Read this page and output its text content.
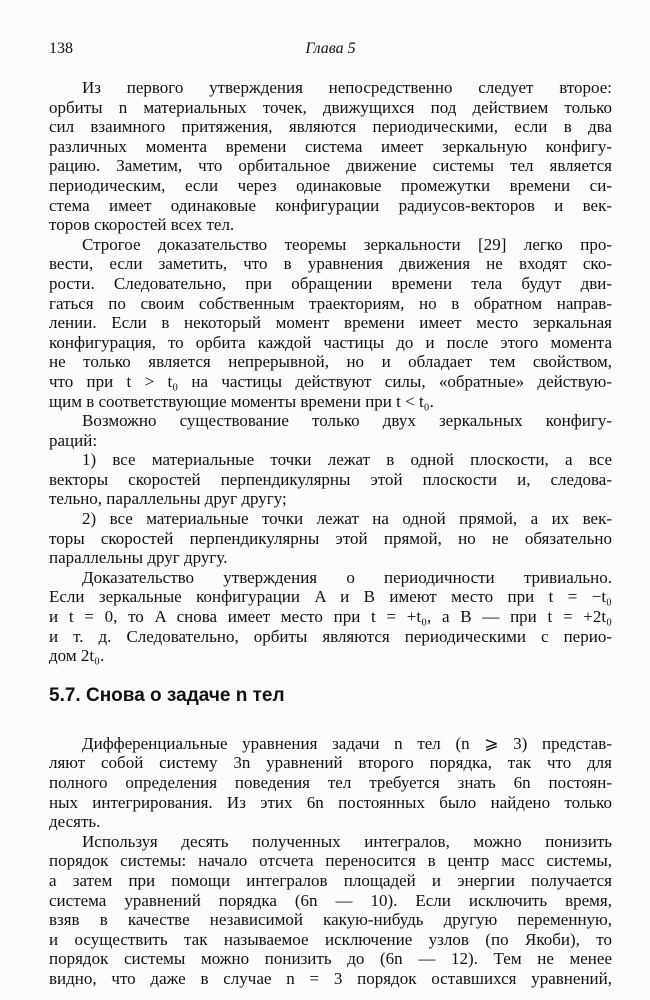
138	Глава 5
Из первого утверждения непосредственно следует второе:
орбиты n материальных точек, движущихся под действием только
сил взаимного притяжения, являются периодическими, если в два
различных момента времени система имеет зеркальную конфигу-
рацию. Заметим, что орбитальное движение системы тел является
периодическим, если через одинаковые промежутки времени си-
стема имеет одинаковые конфигурации радиусов-векторов и век-
торов скоростей всех тел.
Строгое доказательство теоремы зеркальности [29] легко про-
вести, если заметить, что в уравнения движения не входят ско-
рости. Следовательно, при обращении времени тела будут дви-
гаться по своим собственным траекториям, но в обратном направ-
лении. Если в некоторый момент времени имеет место зеркальная
конфигурация, то орбита каждой частицы до и после этого момента
не только является непрерывной, но и обладает тем свойством,
что при t > t₀ на частицы действуют силы, «обратные» действую-
щим в соответствующие моменты времени при t < t₀.
Возможно существование только двух зеркальных конфигу-
раций:
1) все материальные точки лежат в одной плоскости, а все
векторы скоростей перпендикулярны этой плоскости и, следова-
тельно, параллельны друг другу;
2) все материальные точки лежат на одной прямой, а их век-
торы скоростей перпендикулярны этой прямой, но не обязательно
параллельны друг другу.
Доказательство утверждения о периодичности тривиально.
Если зеркальные конфигурации A и B имеют место при t = −t₀
и t = 0, то A снова имеет место при t = +t₀, а B — при t = +2t₀
и т. д. Следовательно, орбиты являются периодическими с перио-
дом 2t₀.
5.7. Снова о задаче n тел
Дифференциальные уравнения задачи n тел (n ⩾ 3) представ-
ляют собой систему 3n уравнений второго порядка, так что для
полного определения поведения тел требуется знать 6n постоян-
ных интегрирования. Из этих 6n постоянных было найдено только
десять.
Используя десять полученных интегралов, можно понизить
порядок системы: начало отсчета переносится в центр масс системы,
а затем при помощи интегралов площадей и энергии получается
система уравнений порядка (6n — 10). Если исключить время,
взяв в качестве независимой какую-нибудь другую переменную,
и осуществить так называемое исключение узлов (по Якоби), то
порядок системы можно понизить до (6n — 12). Тем не менее
видно, что даже в случае n = 3 порядок оставшихся уравнений,
